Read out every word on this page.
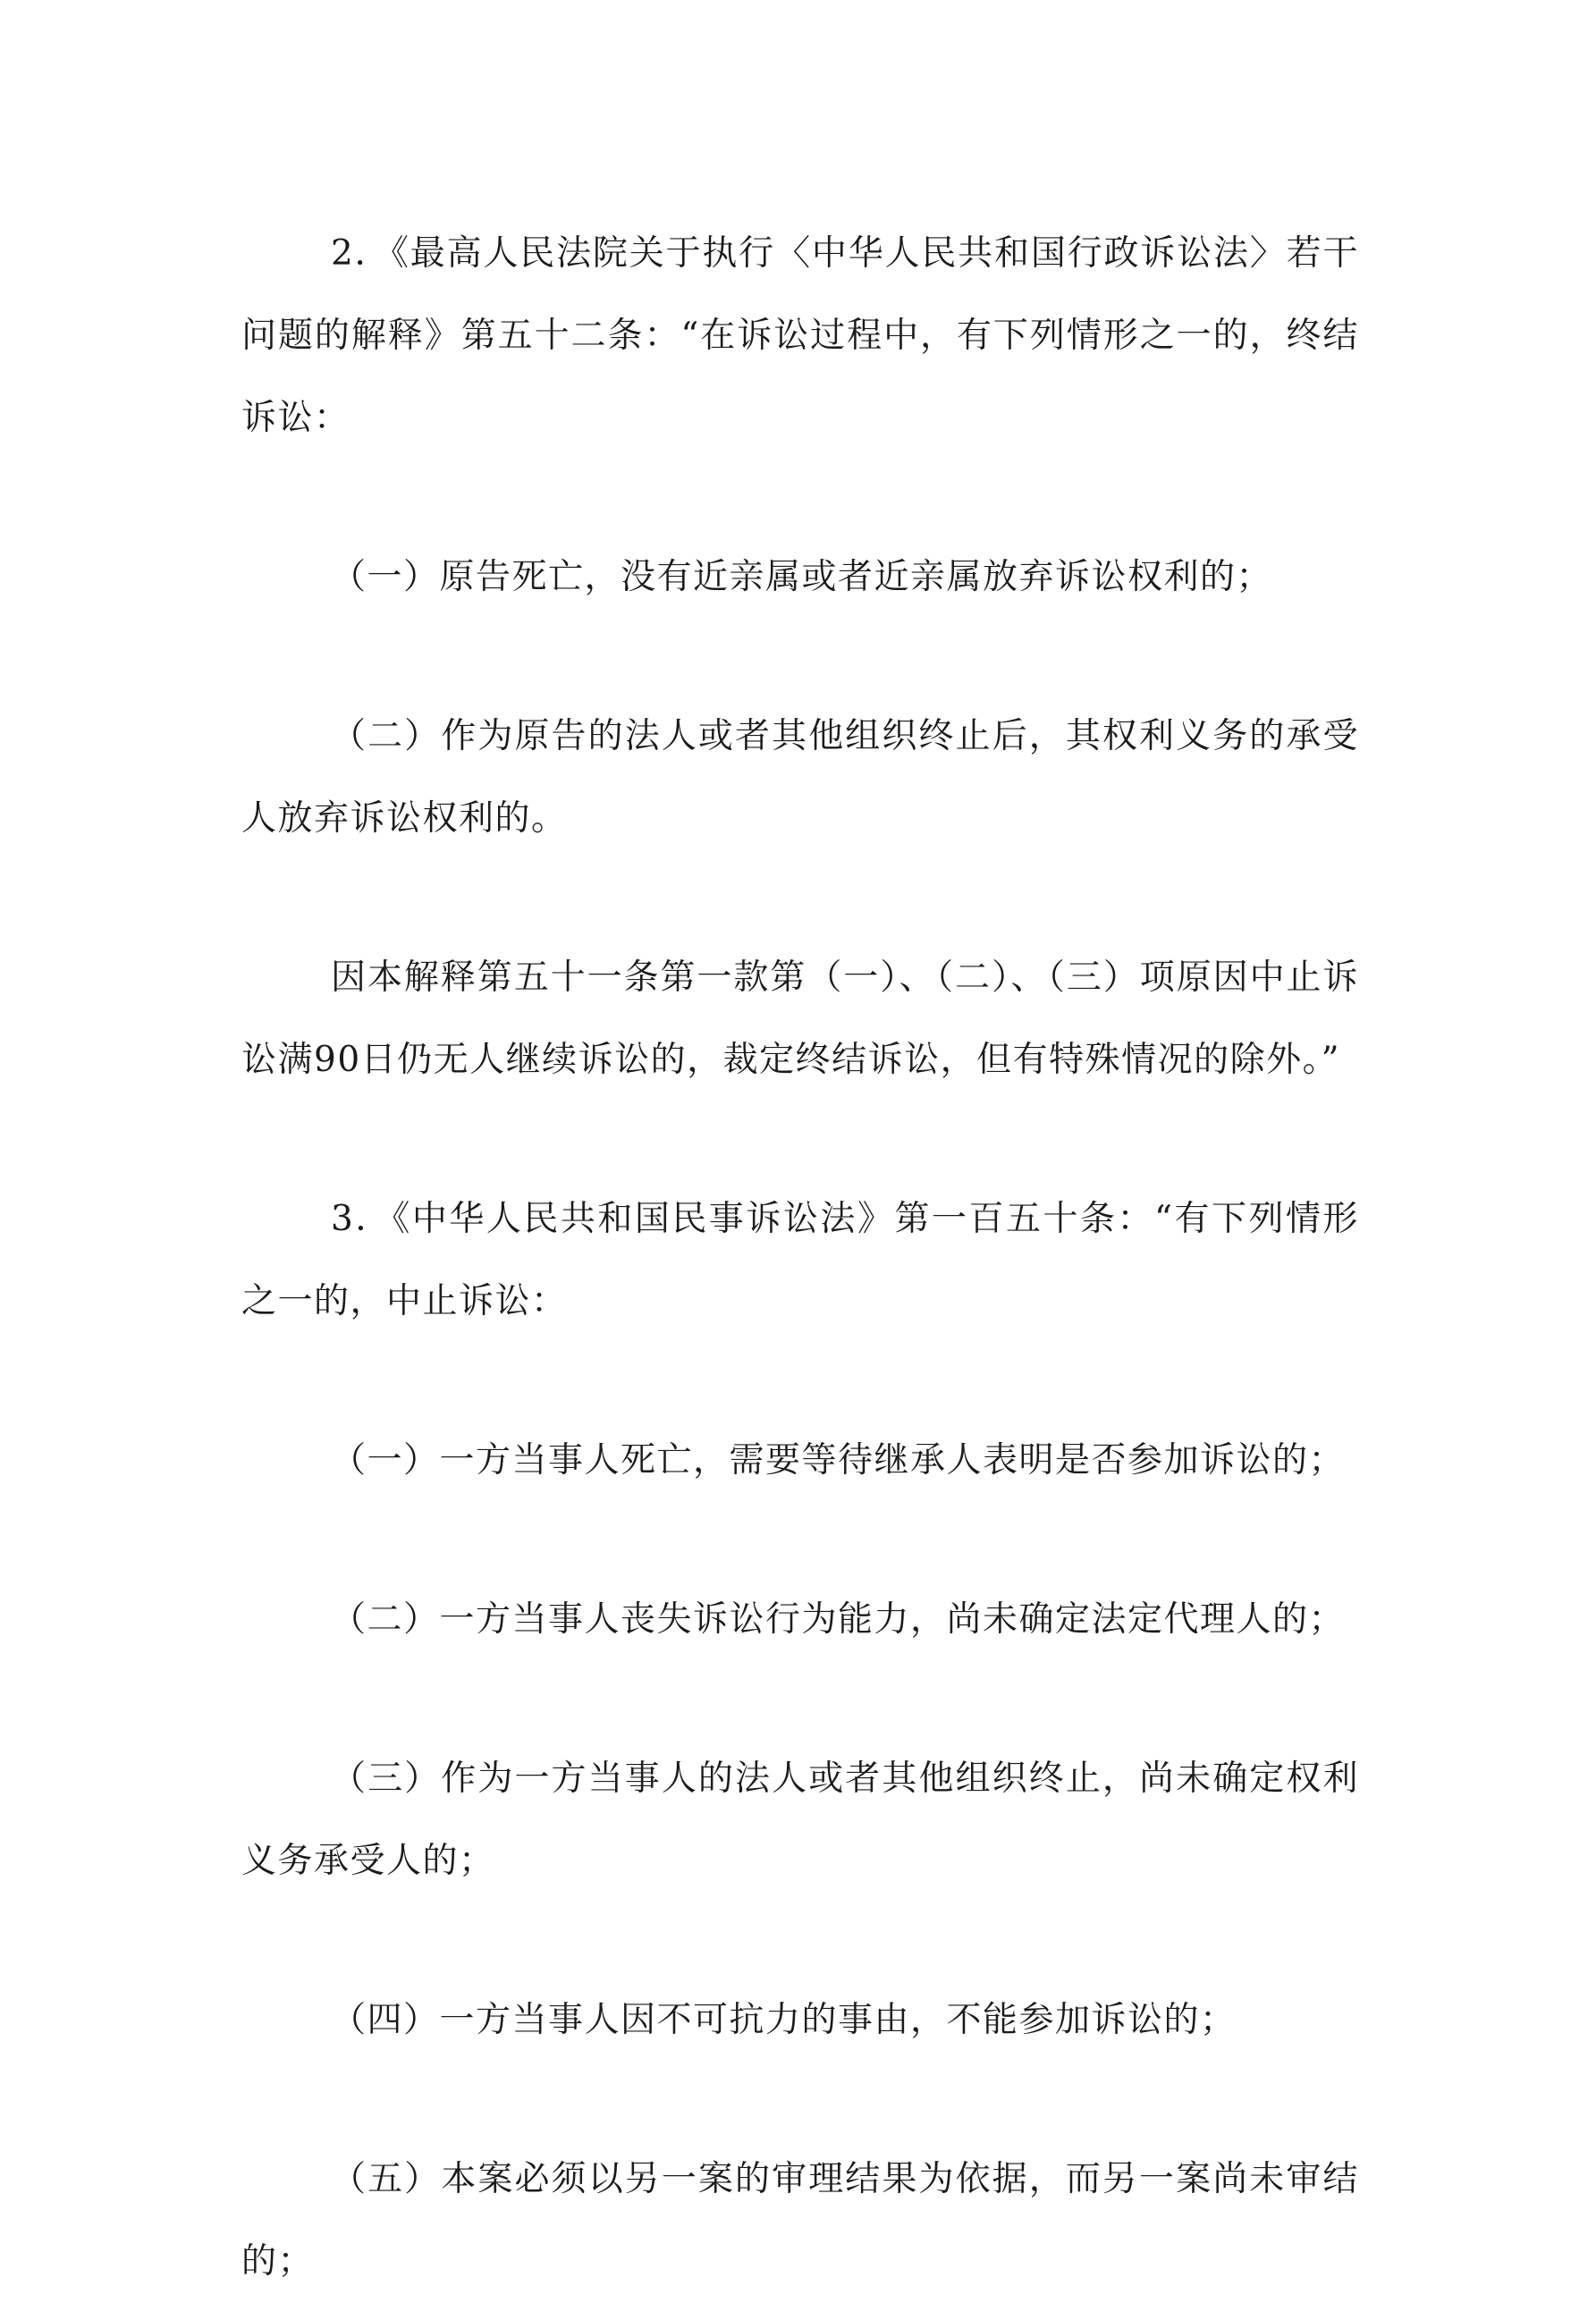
2．《最高人民法院关于执行〈中华人民共和国行政诉讼法〉若干问题的解释》第五十二条：“在诉讼过程中，有下列情形之一的，终结诉讼：

（一）原告死亡，没有近亲属或者近亲属放弃诉讼权利的；

（二）作为原告的法人或者其他组织终止后，其权利义务的承受人放弃诉讼权利的。

因本解释第五十一条第一款第（一）、（二）、（三）项原因中止诉讼满90日仍无人继续诉讼的，裁定终结诉讼，但有特殊情况的除外。”

3．《中华人民共和国民事诉讼法》第一百五十条：“有下列情形之一的，中止诉讼：

（一）一方当事人死亡，需要等待继承人表明是否参加诉讼的；

（二）一方当事人丧失诉讼行为能力，尚未确定法定代理人的；

（三）作为一方当事人的法人或者其他组织终止，尚未确定权利义务承受人的；

（四）一方当事人因不可抗力的事由，不能参加诉讼的；

（五）本案必须以另一案的审理结果为依据，而另一案尚未审结的；
